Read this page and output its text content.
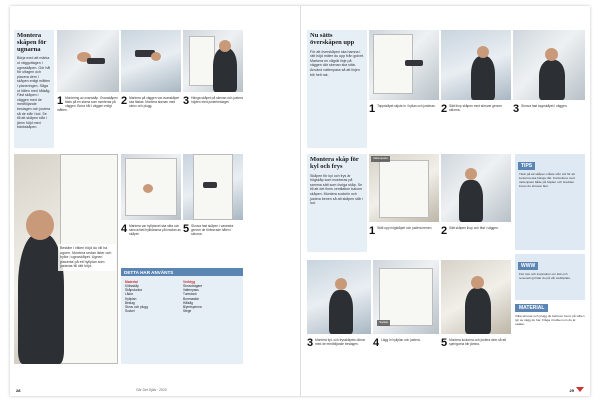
Montera skåpen för ugnarna
Börja med att märka ut vägguttagen i ugnsskåpen. Gör hål för uttagen och placera dem i skåpen enligt måtten i planeringen. Såga ut hålen med hålsåg. Fäst skåpen i väggen med de medföljande beslagen och justera så de står i lod. Se till att skåpen står i jämn höjd med bänkskåpen.
1 Montering av ovanskåp. Ovanskåpen fästs på en skena som monteras på väggen. Borra hål i väggen enligt måtten.
2 Markera på väggen var ovanskåpet ska fästas. Montera skenan med skruv och plugg.	3 Hänga skåpet på skenan och justera höjden med justerbeslaget.
Bestäm i vilken höjd du vill ha ugnen. Montera sedan lister och hyllor i ugnsskåpet. Ugnen placeras på ett hyllplan som justeras till rätt höjd.
4 Markera var hyllplanet ska sitta och skruva fast hyllbärarna på insidan av skåpet.	5 Skruva fast skåpen i varandra genom de förborrade hålen i sidorna.
DETTA HAR ANVÄNTS
Material
Köksskåp
Skåpsluckor
Lådor
Hyllplan
Beslag
Skruv och plugg
Sockel
Verktyg
Skruvdragare
Vattenpass
Tumstock
Borrmaskin
Hålsåg
Blyertspenna
Stege
28	Gör Det Själv · 2020
Nu sätts överskåpen upp
För att överskåpen ska hamna i rätt höjd mäter du upp från golvet. Markera en vågrät linje på väggen där skenan ska sitta. Använd vattenpass så att linjen blir helt rak.
1 Toppskåpet skjuts in i hyllan och justeras. 2 Sätt ihop skåpen med skruvar genom sidorna.	3 Skruva fast toppskåpet i väggen.
Montera skåp för kyl och frys
Skåpen för kyl och frys är högskåp som monteras på samma sätt som övriga skåp. Se till att det finns ventilation bakom skåpen. Montera sockeln och justera benen så att skåpen står i lod.
Vattenpass
1 Ställ upp högskåpet och justera benen. 2 Sätt skåpen ihop och fäst i väggen.
Sockel
3 Montera kyl- och frysskåpets dörrar med de medföljande beslagen.	4 Lägg in hyllplan och justera.	5 Montera luckorna och justera dem så att springorna blir jämna.
TIPS
Tänk på att skåpen måste stå i lod för att luckorna ska hänga rätt. Kontrollera med vattenpass både på höjden och bredden innan du skruvar fast.
WWW
Fler tips och inspiration om kök och renovering hittar du på vår webbplats.
MATERIAL
Vilka skruvar och plugg du behöver beror på vilken typ av vägg du har. Fråga i butiken om du är osäker.
29
